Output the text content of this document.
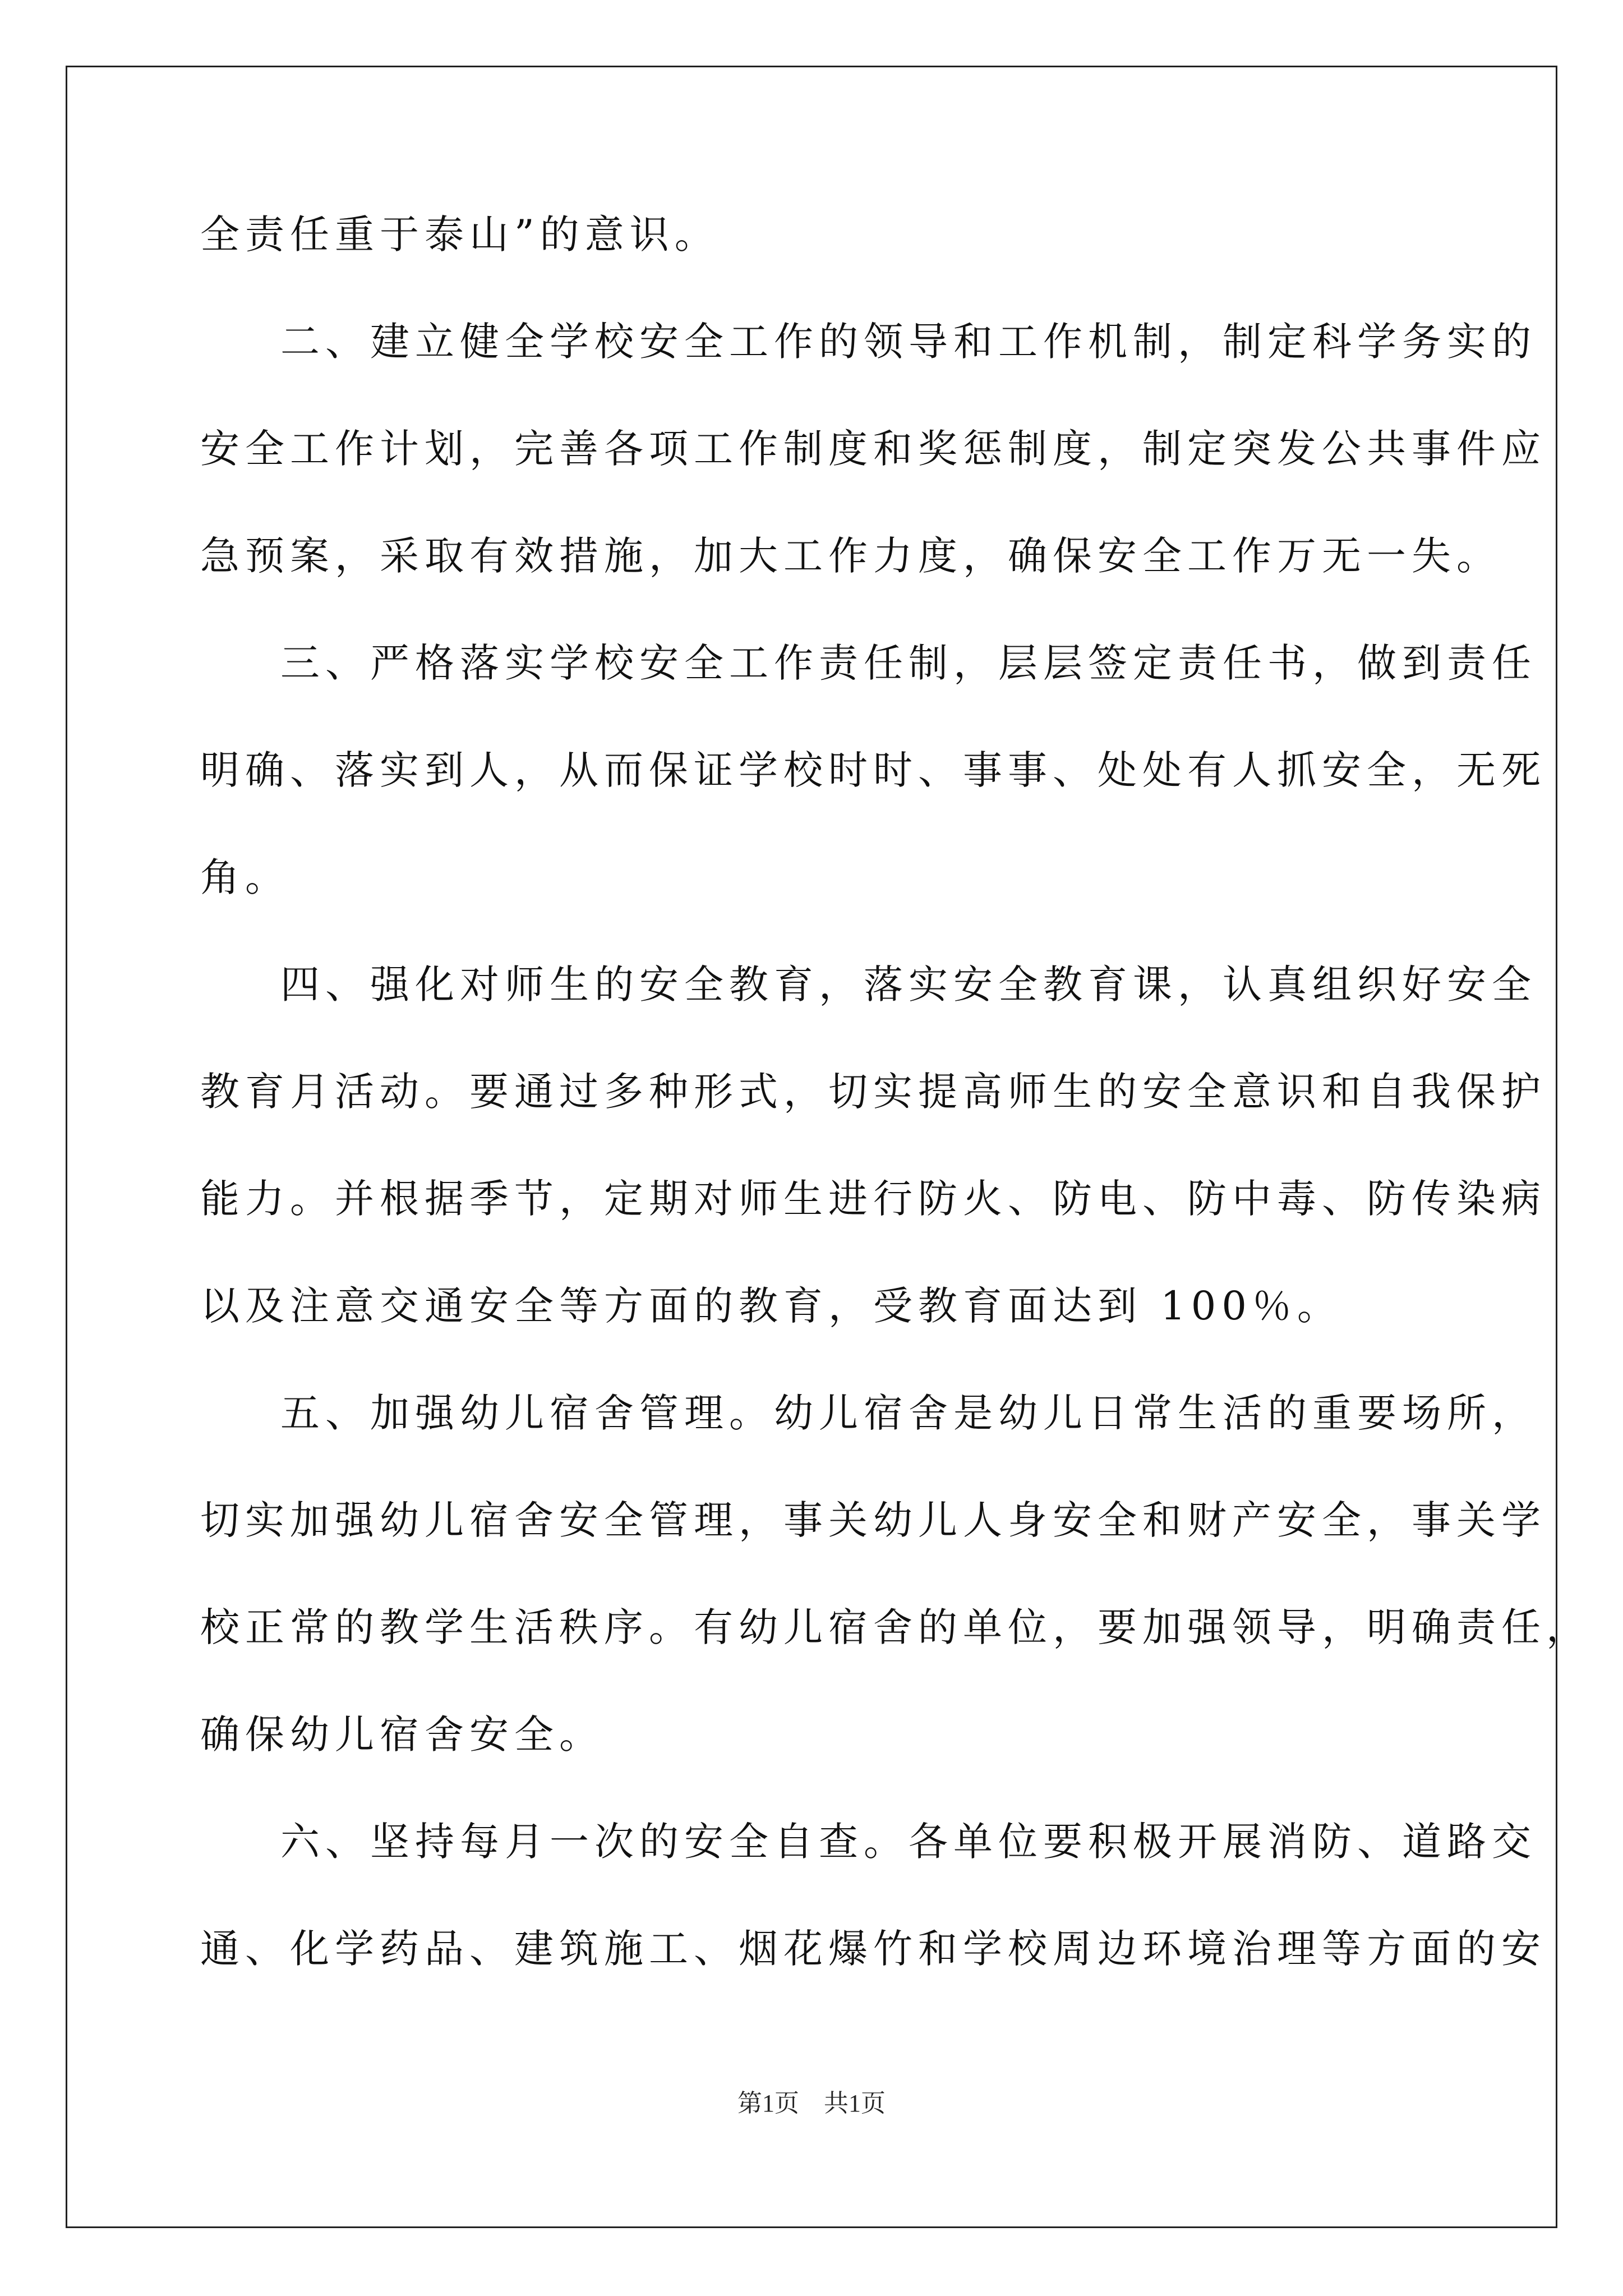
全责任重于泰山”的意识。
二、建立健全学校安全工作的领导和工作机制，制定科学务实的
安全工作计划，完善各项工作制度和奖惩制度，制定突发公共事件应
急预案，采取有效措施，加大工作力度，确保安全工作万无一失。
三、严格落实学校安全工作责任制，层层签定责任书，做到责任
明确、落实到人，从而保证学校时时、事事、处处有人抓安全，无死
角。
四、强化对师生的安全教育，落实安全教育课，认真组织好安全
教育月活动。要通过多种形式，切实提高师生的安全意识和自我保护
能力。并根据季节，定期对师生进行防火、防电、防中毒、防传染病
以及注意交通安全等方面的教育，受教育面达到 100％。
五、加强幼儿宿舍管理。幼儿宿舍是幼儿日常生活的重要场所，
切实加强幼儿宿舍安全管理，事关幼儿人身安全和财产安全，事关学
校正常的教学生活秩序。有幼儿宿舍的单位，要加强领导，明确责任，
确保幼儿宿舍安全。
六、坚持每月一次的安全自查。各单位要积极开展消防、道路交
通、化学药品、建筑施工、烟花爆竹和学校周边环境治理等方面的安
第1页　共1页
